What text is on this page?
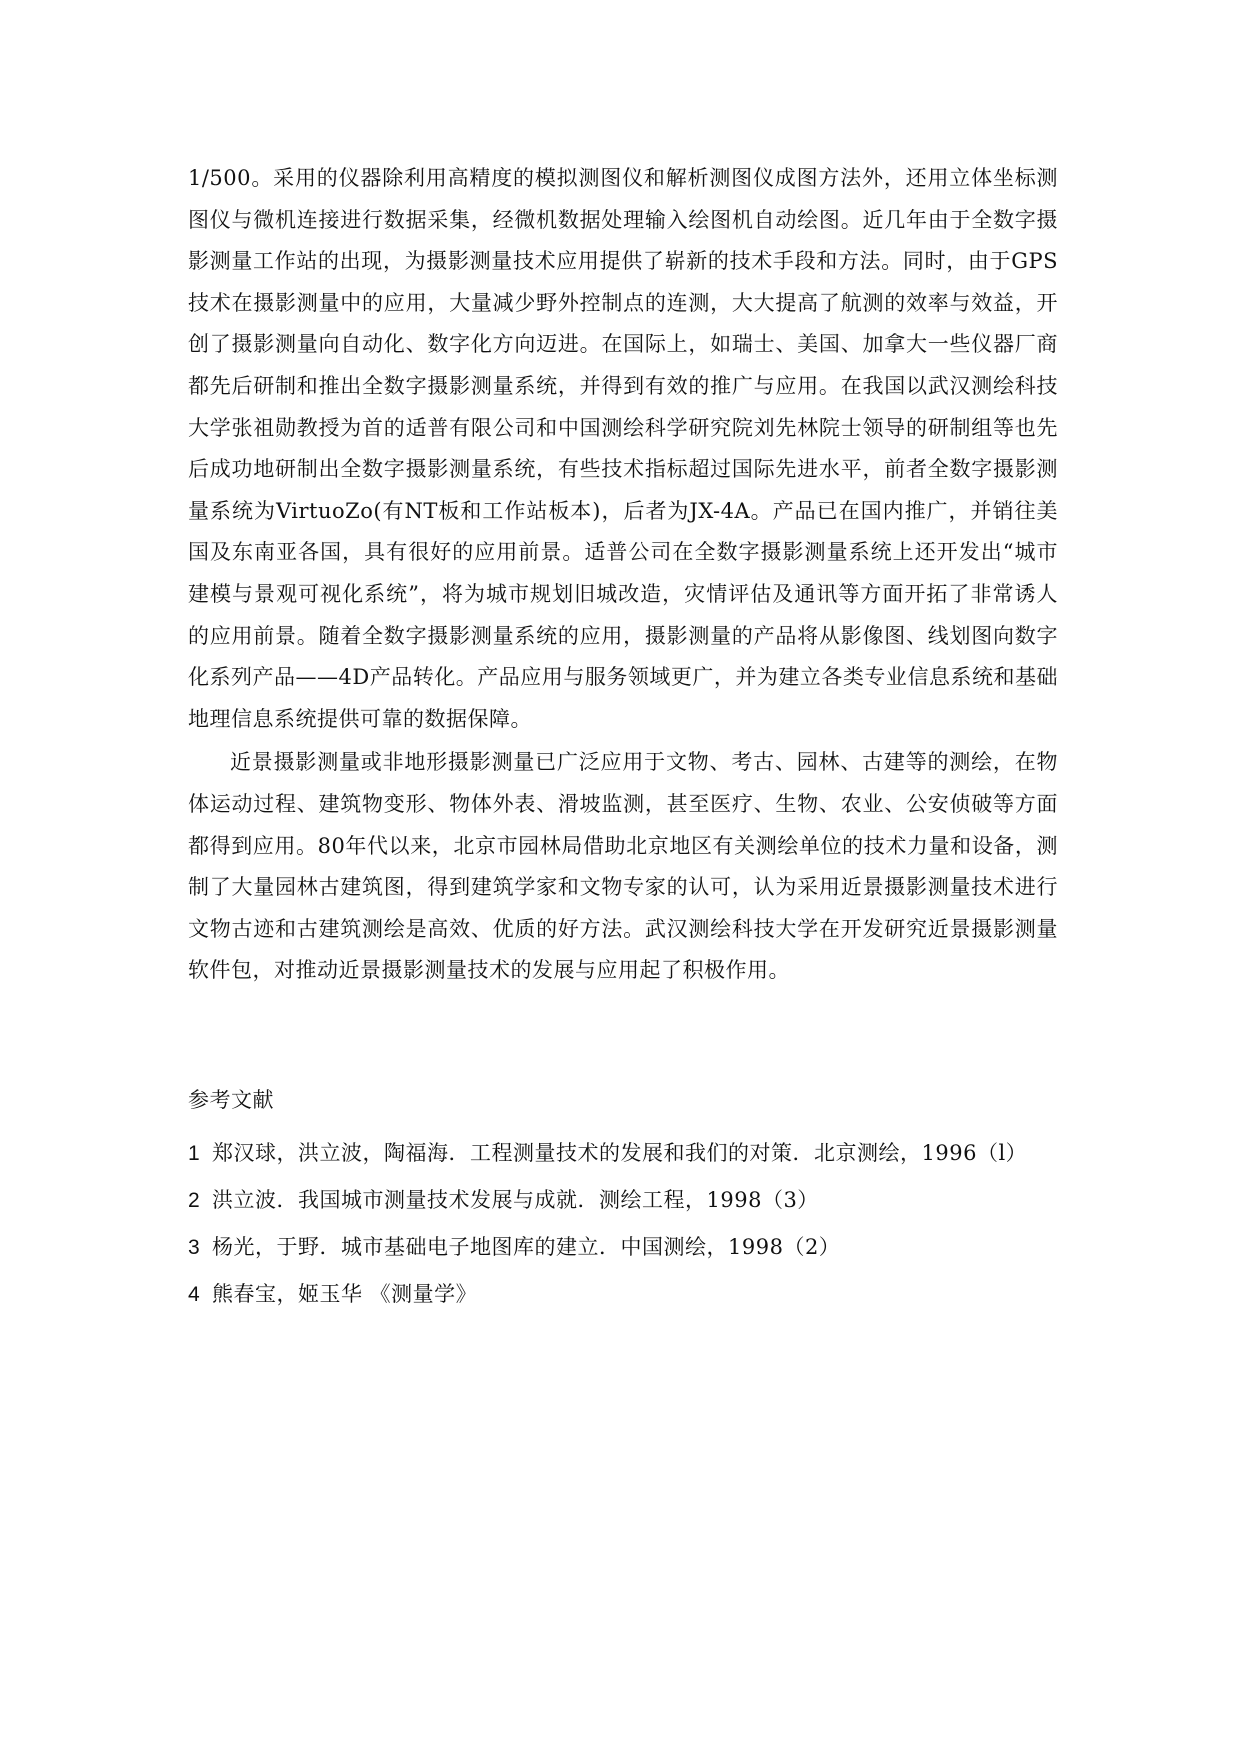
1/500。采用的仪器除利用高精度的模拟测图仪和解析测图仪成图方法外，还用立体坐标测图仪与微机连接进行数据采集，经微机数据处理输入绘图机自动绘图。近几年由于全数字摄影测量工作站的出现，为摄影测量技术应用提供了崭新的技术手段和方法。同时，由于GPS技术在摄影测量中的应用，大量减少野外控制点的连测，大大提高了航测的效率与效益，开创了摄影测量向自动化、数字化方向迈进。在国际上，如瑞士、美国、加拿大一些仪器厂商都先后研制和推出全数字摄影测量系统，并得到有效的推广与应用。在我国以武汉测绘科技大学张祖勋教授为首的适普有限公司和中国测绘科学研究院刘先林院士领导的研制组等也先后成功地研制出全数字摄影测量系统，有些技术指标超过国际先进水平，前者全数字摄影测量系统为VirtuoZo(有NT板和工作站板本)，后者为JX-4A。产品已在国内推广，并销往美国及东南亚各国，具有很好的应用前景。适普公司在全数字摄影测量系统上还开发出“城市建模与景观可视化系统”，将为城市规划旧城改造，灾情评估及通讯等方面开拓了非常诱人的应用前景。随着全数字摄影测量系统的应用，摄影测量的产品将从影像图、线划图向数字化系列产品——4D产品转化。产品应用与服务领域更广，并为建立各类专业信息系统和基础地理信息系统提供可靠的数据保障。

近景摄影测量或非地形摄影测量已广泛应用于文物、考古、园林、古建等的测绘，在物体运动过程、建筑物变形、物体外表、滑坡监测，甚至医疗、生物、农业、公安侦破等方面都得到应用。80年代以来，北京市园林局借助北京地区有关测绘单位的技术力量和设备，测制了大量园林古建筑图，得到建筑学家和文物专家的认可，认为采用近景摄影测量技术进行文物古迹和古建筑测绘是高效、优质的好方法。武汉测绘科技大学在开发研究近景摄影测量软件包，对推动近景摄影测量技术的发展与应用起了积极作用。

参考文献

1 郑汉球，洪立波，陶福海．工程测量技术的发展和我们的对策．北京测绘，1996（l）
2 洪立波．我国城市测量技术发展与成就．测绘工程，1998（3）
3 杨光，于野．城市基础电子地图库的建立．中国测绘，1998（2）
4 熊春宝，姬玉华 《测量学》
